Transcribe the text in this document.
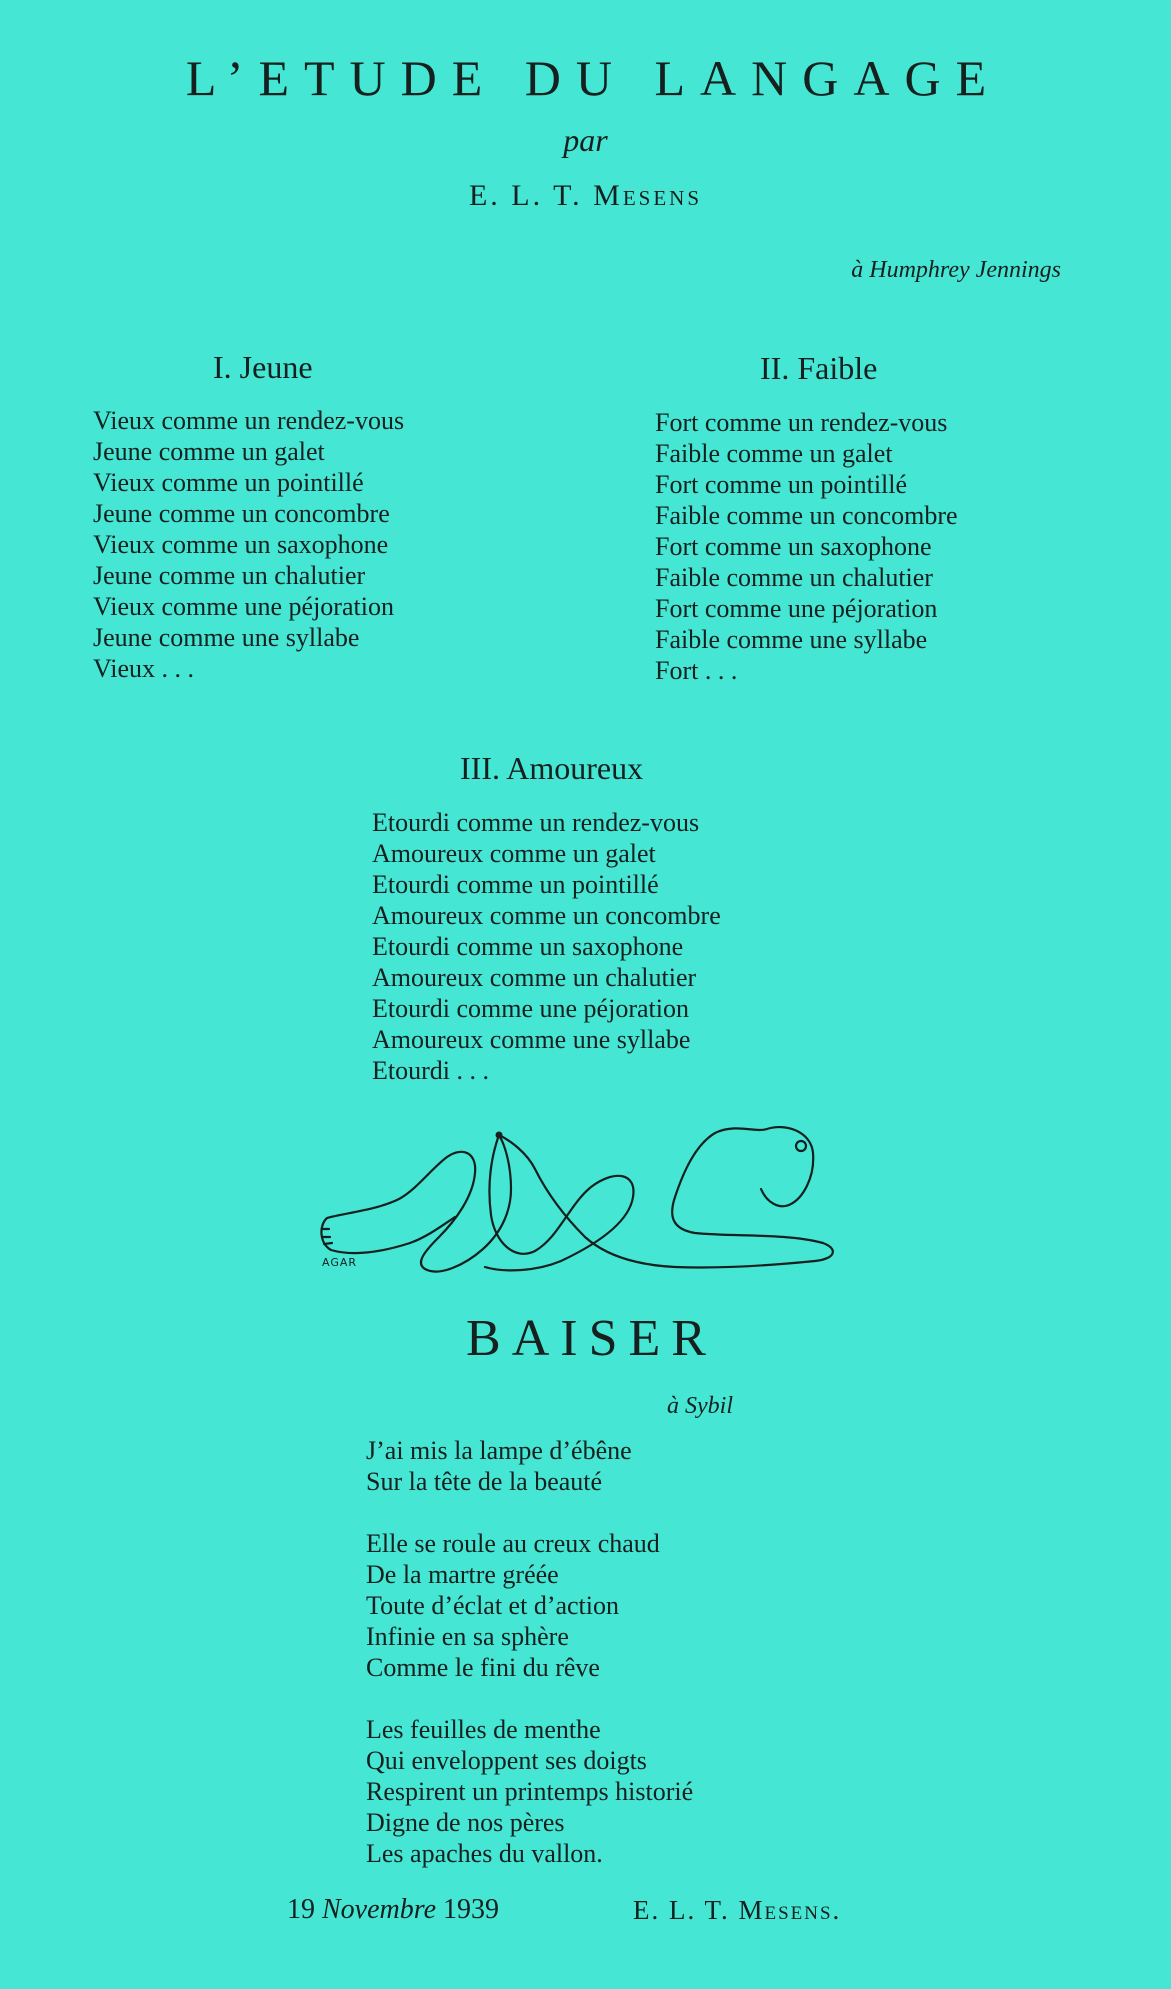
L’ETUDE DU LANGAGE

par

E. L. T. Mesens

à Humphrey Jennings

I. Jeune
Vieux comme un rendez-vous
Jeune comme un galet
Vieux comme un pointillé
Jeune comme un concombre
Vieux comme un saxophone
Jeune comme un chalutier
Vieux comme une péjoration
Jeune comme une syllabe
Vieux . . .
II. Faible
Fort comme un rendez-vous
Faible comme un galet
Fort comme un pointillé
Faible comme un concombre
Fort comme un saxophone
Faible comme un chalutier
Fort comme une péjoration
Faible comme une syllabe
Fort . . .
III. Amoureux
Etourdi comme un rendez-vous
Amoureux comme un galet
Etourdi comme un pointillé
Amoureux comme un concombre
Etourdi comme un saxophone
Amoureux comme un chalutier
Etourdi comme une péjoration
Amoureux comme une syllabe
Etourdi . . .
AGAR
BAISER

à Sybil

J’ai mis la lampe d’ébêne
Sur la tête de la beauté
Elle se roule au creux chaud
De la martre gréée
Toute d’éclat et d’action
Infinie en sa sphère
Comme le fini du rêve
Les feuilles de menthe
Qui enveloppent ses doigts
Respirent un printemps historié
Digne de nos pères
Les apaches du vallon.

19 Novembre 1939	E. L. T. Mesens.
